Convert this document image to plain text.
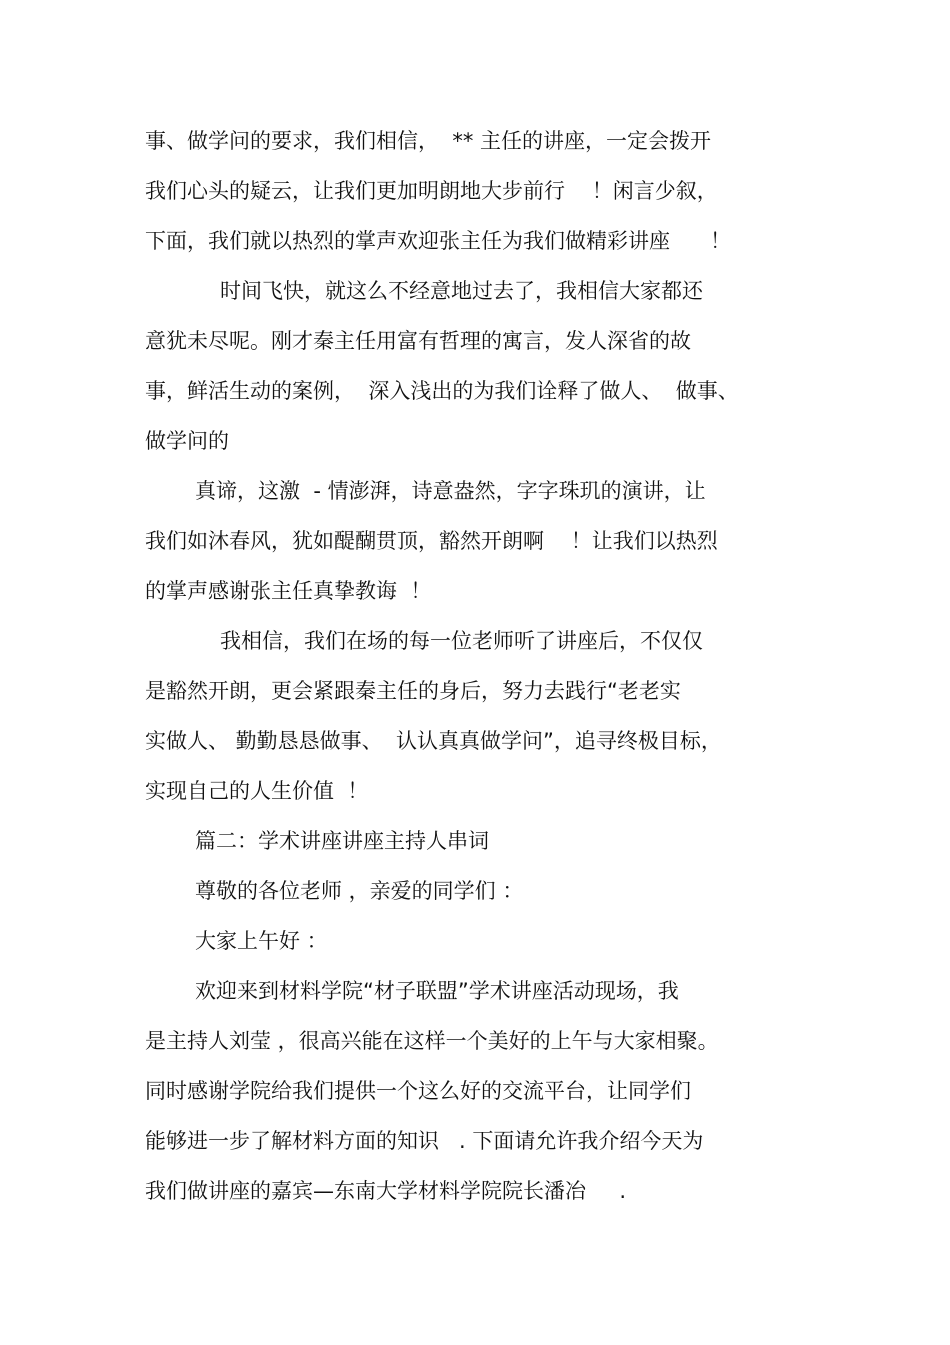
事、做学问的要求，我们相信，  ** 主任的讲座，一定会拨开

我们心头的疑云，让我们更加明朗地大步前行    ！闲言少叙，

下面，我们就以热烈的掌声欢迎张主任为我们做精彩讲座      ！

时间飞快，就这么不经意地过去了，我相信大家都还

意犹未尽呢。刚才秦主任用富有哲理的寓言，发人深省的故

事，鲜活生动的案例，  深入浅出的为我们诠释了做人、  做事、

做学问的

真谛，这激  - 情澎湃，诗意盎然，字字珠玑的演讲，让

我们如沐春风，犹如醍醐贯顶，豁然开朗啊    ！让我们以热烈

的掌声感谢张主任真挚教诲  ！

我相信，我们在场的每一位老师听了讲座后，不仅仅

是豁然开朗，更会紧跟秦主任的身后，努力去践行“老老实

实做人、 勤勤恳恳做事、  认认真真做学问”，追寻终极目标，

实现自己的人生价值  ！

篇二：学术讲座讲座主持人串词

尊敬的各位老师 ，亲爱的同学们 ：

大家上午好 ：

欢迎来到材料学院“材子联盟”学术讲座活动现场，我

是主持人刘莹 ，很高兴能在这样一个美好的上午与大家相聚。

同时感谢学院给我们提供一个这么好的交流平台，让同学们

能够进一步了解材料方面的知识   . 下面请允许我介绍今天为

我们做讲座的嘉宾—东南大学材料学院院长潘冶     .
